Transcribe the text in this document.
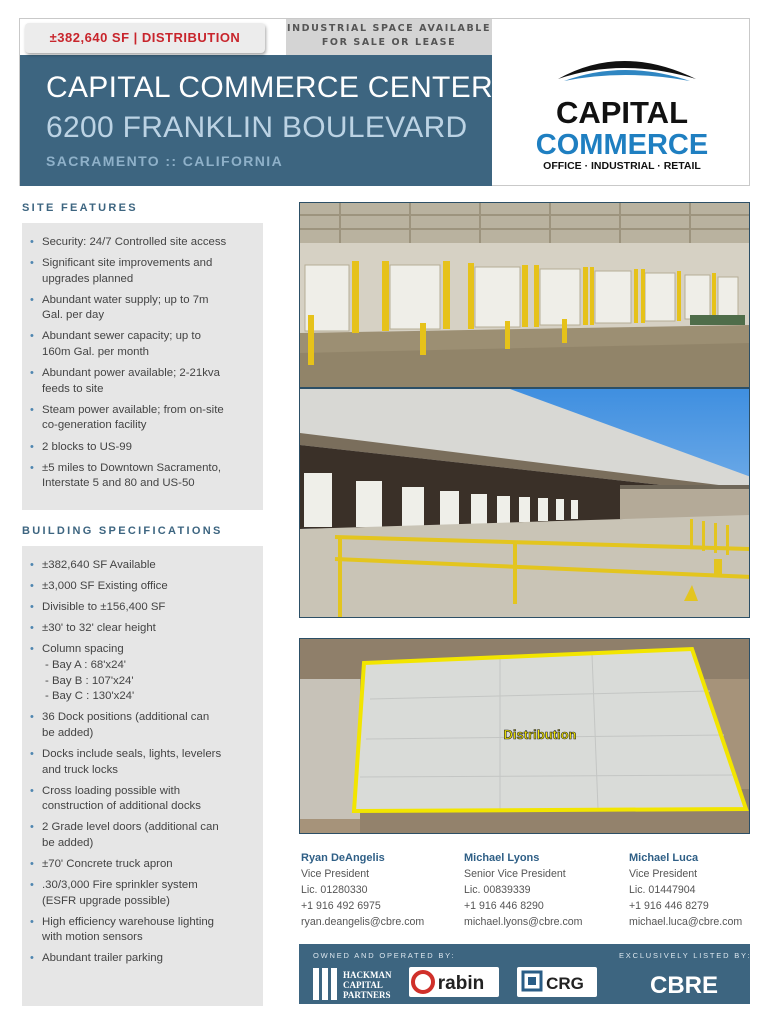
INDUSTRIAL SPACE AVAILABLE
FOR SALE OR LEASE
CAPITAL COMMERCE CENTER
6200 FRANKLIN BOULEVARD
SACRAMENTO :: CALIFORNIA
±382,640 SF | DISTRIBUTION
CAPITAL
COMMERCE
OFFICE · INDUSTRIAL · RETAIL
SITE FEATURES
• Security: 24/7 Controlled site access
• Significant site improvements and
upgrades planned
• Abundant water supply; up to 7m
Gal. per day
• Abundant sewer capacity; up to
160m Gal. per month
• Abundant power available; 2-21kva
feeds to site
• Steam power available; from on-site
co-generation facility
• 2 blocks to US-99
• ±5 miles to Downtown Sacramento,
Interstate 5 and 80 and US-50
BUILDING SPECIFICATIONS
• ±382,640 SF Available
• ±3,000 SF Existing office
• Divisible to ±156,400 SF
• ±30' to 32' clear height
• Column spacing
- Bay A : 68'x24'
- Bay B : 107'x24'
- Bay C : 130'x24'
• 36 Dock positions (additional can
be added)
• Docks include seals, lights, levelers
and truck locks
• Cross loading possible with
construction of additional docks
• 2 Grade level doors (additional can
be added)
• ±70' Concrete truck apron
• .30/3,000 Fire sprinkler system
(ESFR upgrade possible)
• High efficiency warehouse lighting
with motion sensors
• Abundant trailer parking
Distribution
Ryan DeAngelis
Vice President
Lic. 01280330
+1 916 492 6975
ryan.deangelis@cbre.com
Michael Lyons
Senior Vice President
Lic. 00839339
+1 916 446 8290
michael.lyons@cbre.com
Michael Luca
Vice President
Lic. 01447904
+1 916 446 8279
michael.luca@cbre.com
OWNED AND OPERATED BY:	EXCLUSIVELY LISTED BY:
HACKMAN
CAPITAL
PARTNERS
rabin	CRG	CBRE
